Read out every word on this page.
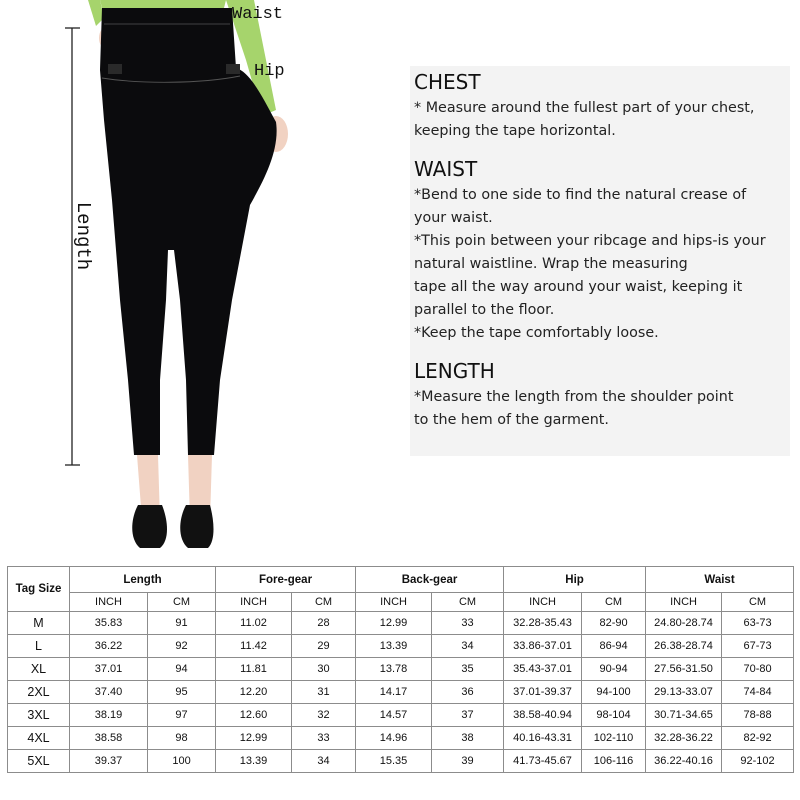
Waist
Hip
Length
CHEST
* Measure around the fullest part of your chest,
keeping the tape horizontal.
WAIST
*Bend to one side to find the natural crease of
your waist.
*This poin between your ribcage and hips-is your
natural waistline. Wrap the measuring
tape all the way around your waist, keeping it
parallel to the floor.
*Keep the tape comfortably loose.
LENGTH
*Measure the length from the shoulder point
to the hem of the garment.
Tag Size	Length		Fore-gear		Back-gear		Hip		Waist	
	INCH	CM	INCH	CM	INCH	CM	INCH	CM	INCH	CM
M	35.83	91	11.02	28	12.99	33	32.28-35.43	82-90	24.80-28.74	63-73
L	36.22	92	11.42	29	13.39	34	33.86-37.01	86-94	26.38-28.74	67-73
XL	37.01	94	11.81	30	13.78	35	35.43-37.01	90-94	27.56-31.50	70-80
2XL	37.40	95	12.20	31	14.17	36	37.01-39.37	94-100	29.13-33.07	74-84
3XL	38.19	97	12.60	32	14.57	37	38.58-40.94	98-104	30.71-34.65	78-88
4XL	38.58	98	12.99	33	14.96	38	40.16-43.31	102-110	32.28-36.22	82-92
5XL	39.37	100	13.39	34	15.35	39	41.73-45.67	106-116	36.22-40.16	92-102
